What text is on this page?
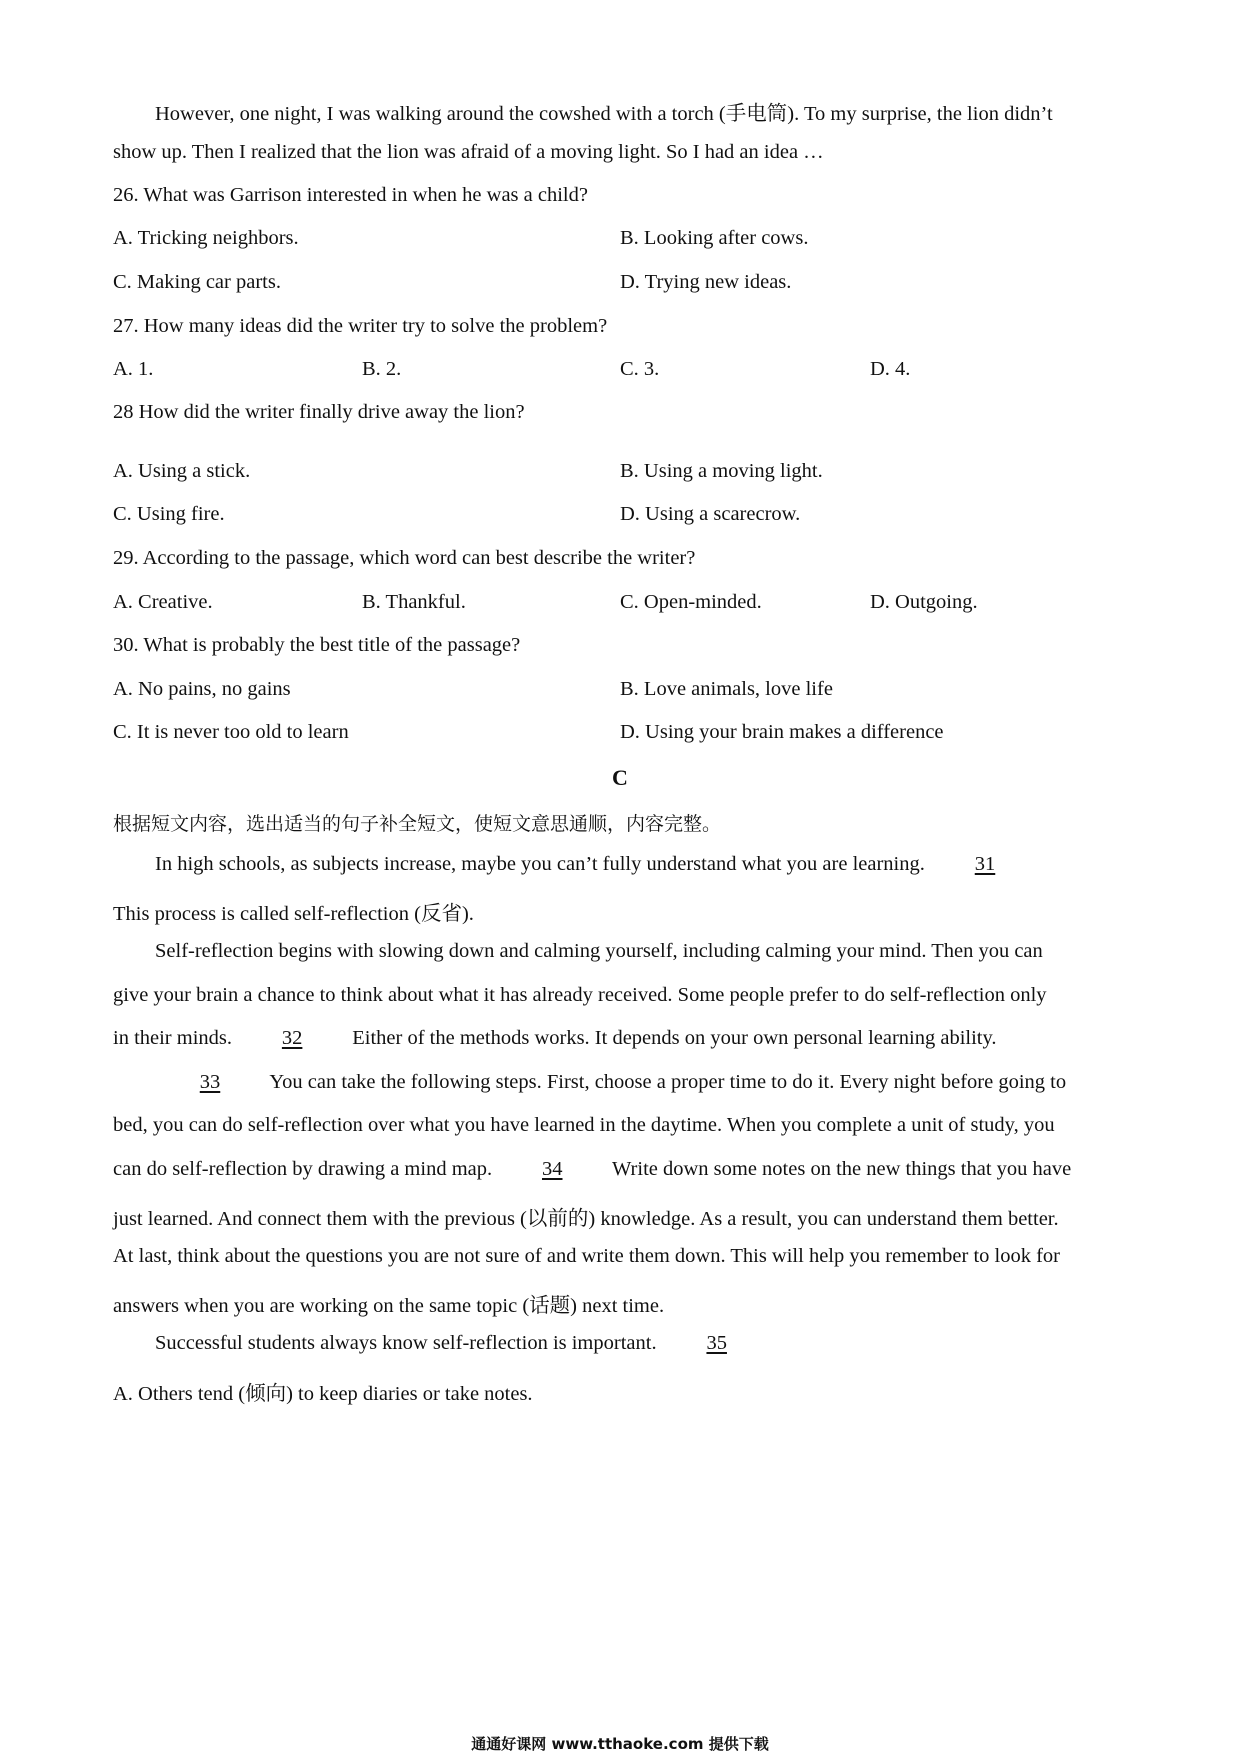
However, one night, I was walking around the cowshed with a torch (手电筒). To my surprise, the lion didn’t
show up. Then I realized that the lion was afraid of a moving light. So I had an idea …
26. What was Garrison interested in when he was a child?
A. Tricking neighbors.	B. Looking after cows.
C. Making car parts.	D. Trying new ideas.
27. How many ideas did the writer try to solve the problem?
A. 1.	B. 2.	C. 3.	D. 4.
28 How did the writer finally drive away the lion?
A. Using a stick.	B. Using a moving light.
C. Using fire.	D. Using a scarecrow.
29. According to the passage, which word can best describe the writer?
A. Creative.	B. Thankful.	C. Open-minded.	D. Outgoing.
30. What is probably the best title of the passage?
A. No pains, no gains	B. Love animals, love life
C. It is never too old to learn	D. Using your brain makes a difference
C
根据短文内容，选出适当的句子补全短文，使短文意思通顺，内容完整。
In high schools, as subjects increase, maybe you can’t fully understand what you are learning. 31
This process is called self-reflection (反省).
Self-reflection begins with slowing down and calming yourself, including calming your mind. Then you can
give your brain a chance to think about what it has already received. Some people prefer to do self-reflection only
in their minds. 32 Either of the methods works. It depends on your own personal learning ability.
33 You can take the following steps. First, choose a proper time to do it. Every night before going to
bed, you can do self-reflection over what you have learned in the daytime. When you complete a unit of study, you
can do self-reflection by drawing a mind map. 34 Write down some notes on the new things that you have
just learned. And connect them with the previous (以前的) knowledge. As a result, you can understand them better.
At last, think about the questions you are not sure of and write them down. This will help you remember to look for
answers when you are working on the same topic (话题) next time.
Successful students always know self-reflection is important. 35
A. Others tend (倾向) to keep diaries or take notes.
通通好课网 www.tthaoke.com 提供下载
